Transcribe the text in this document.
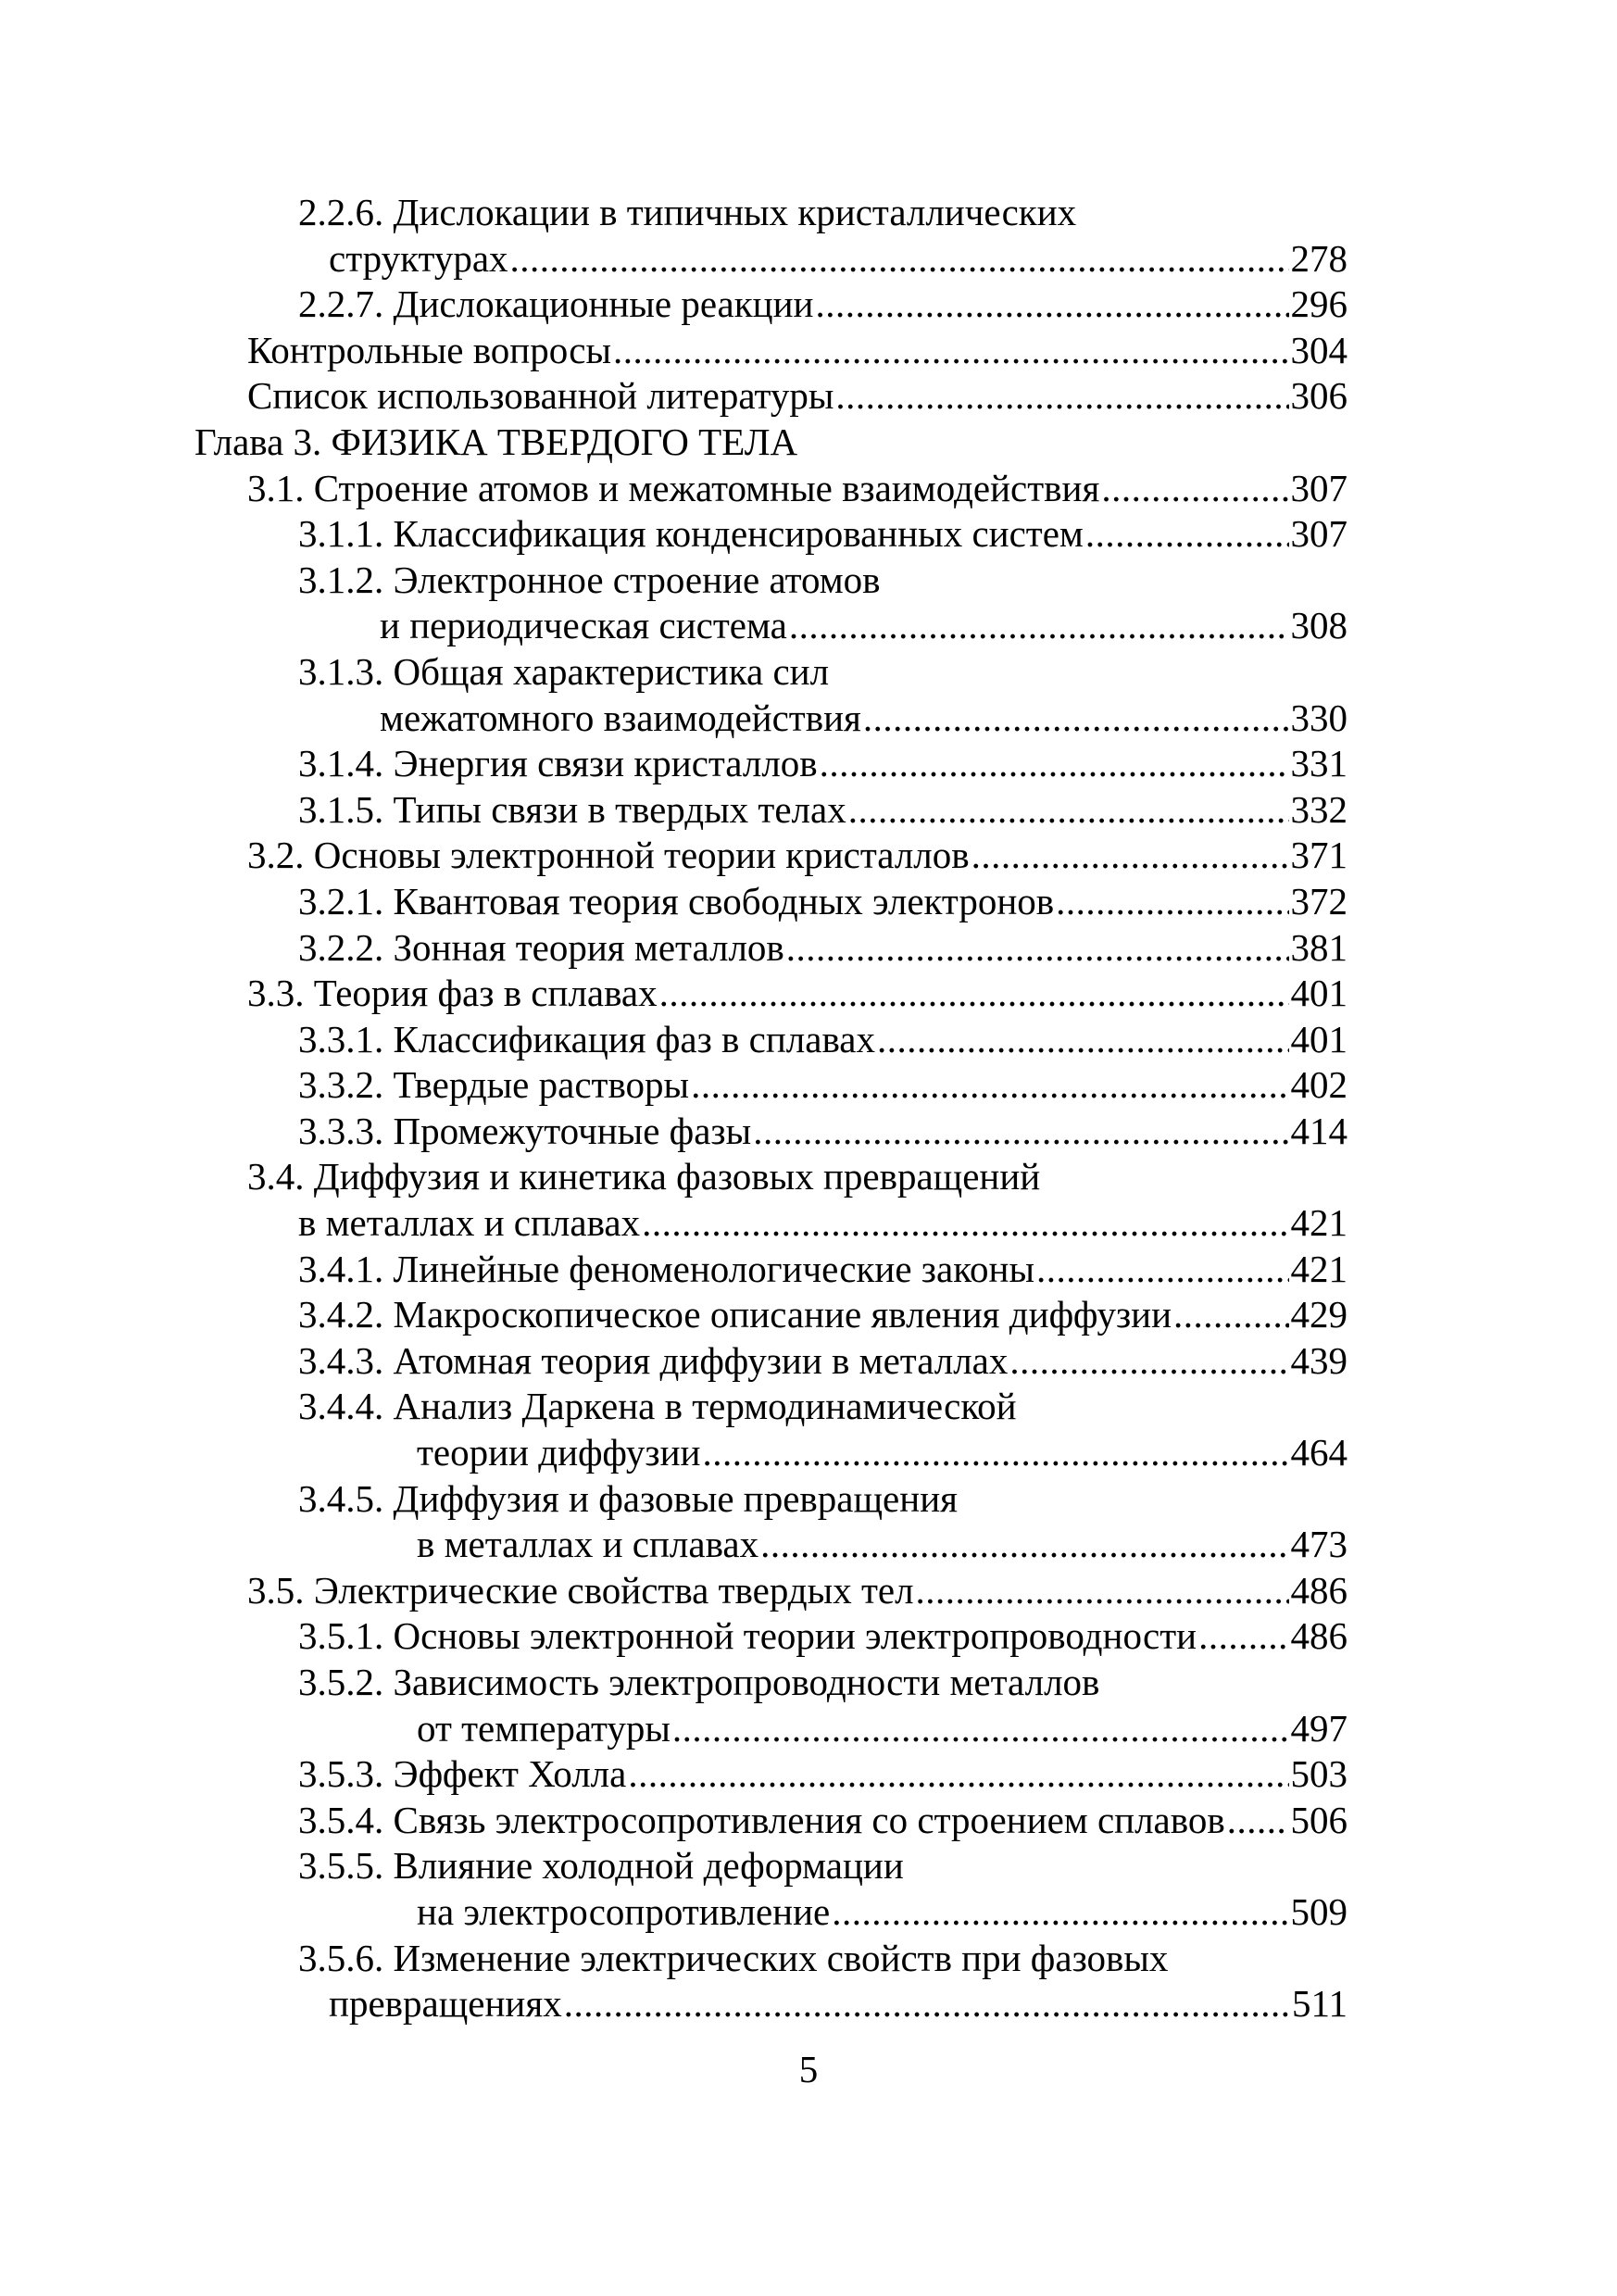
2.2.6. Дислокации в типичных кристаллических
структурах .....	278
2.2.7. Дислокационные реакции .....	296
Контрольные вопросы .....	304
Список использованной литературы .....	306
Глава 3. ФИЗИКА ТВЕРДОГО ТЕЛА
3.1. Строение атомов и межатомные взаимодействия .....	307
3.1.1. Классификация конденсированных систем .....	307
3.1.2. Электронное строение атомов
и периодическая система .....	308
3.1.3. Общая характеристика сил
межатомного взаимодействия .....	330
3.1.4. Энергия связи кристаллов .....	331
3.1.5. Типы связи в твердых телах .....	332
3.2. Основы электронной теории кристаллов .....	371
3.2.1. Квантовая теория свободных электронов .....	372
3.2.2. Зонная теория металлов .....	381
3.3. Теория фаз в сплавах .....	401
3.3.1. Классификация фаз в сплавах .....	401
3.3.2. Твердые растворы .....	402
3.3.3. Промежуточные фазы .....	414
3.4. Диффузия и кинетика фазовых превращений
в металлах и сплавах .....	421
3.4.1. Линейные феноменологические законы .....	421
3.4.2. Макроскопическое описание явления диффузии .....	429
3.4.3. Атомная теория диффузии в металлах .....	439
3.4.4. Анализ Даркена в термодинамической
теории диффузии .....	464
3.4.5. Диффузия и фазовые превращения
в металлах и сплавах .....	473
3.5. Электрические свойства твердых тел .....	486
3.5.1. Основы электронной теории электропроводности ..... 486
3.5.2. Зависимость электропроводности металлов
от температуры .....	497
3.5.3. Эффект Холла .....	503
3.5.4. Связь электросопротивления со строением сплавов ..... 506
3.5.5. Влияние холодной деформации
на электросопротивление .....	509
3.5.6. Изменение электрических свойств при фазовых
превращениях .....	511
5
